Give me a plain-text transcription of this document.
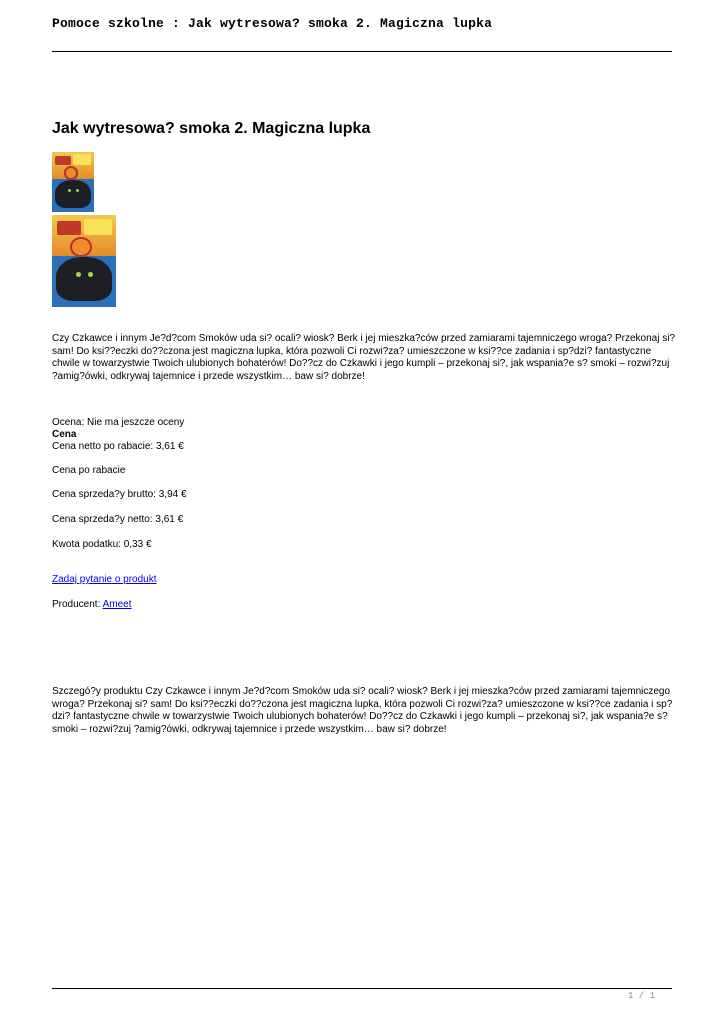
Pomoce szkolne : Jak wytresowa? smoka 2. Magiczna lupka
Jak wytresowa? smoka 2. Magiczna lupka

Czy Czkawce i innym Je?d?com Smoków uda si? ocali? wiosk? Berk i jej mieszka?ców przed zamiarami tajemniczego wroga? Przekonaj si? sam! Do ksi??eczki do??czona jest magiczna lupka, która pozwoli Ci rozwi?za? umieszczone w ksi??ce zadania i sp?dzi? fantastyczne chwile w towarzystwie Twoich ulubionych bohaterów! Do??cz do Czkawki i jego kumpli – przekonaj si?, jak wspania?e s? smoki – rozwi?zuj ?amig?ówki, odkrywaj tajemnice i przede wszystkim… baw si? dobrze!

Ocena: Nie ma jeszcze oceny
Cena
Cena netto po rabacie: 3,61 €
Cena po rabacie
Cena sprzeda?y brutto: 3,94 €
Cena sprzeda?y netto: 3,61 €
Kwota podatku: 0,33 €
Zadaj pytanie o produkt
Producent: Ameet

Szczegó?y produktu Czy Czkawce i innym Je?d?com Smoków uda si? ocali? wiosk? Berk i jej mieszka?ców przed zamiarami tajemniczego wroga? Przekonaj si? sam! Do ksi??eczki do??czona jest magiczna lupka, która pozwoli Ci rozwi?za? umieszczone w ksi??ce zadania i sp?dzi? fantastyczne chwile w towarzystwie Twoich ulubionych bohaterów! Do??cz do Czkawki i jego kumpli – przekonaj si?, jak wspania?e s? smoki – rozwi?zuj ?amig?ówki, odkrywaj tajemnice i przede wszystkim… baw si? dobrze!

1 / 1
